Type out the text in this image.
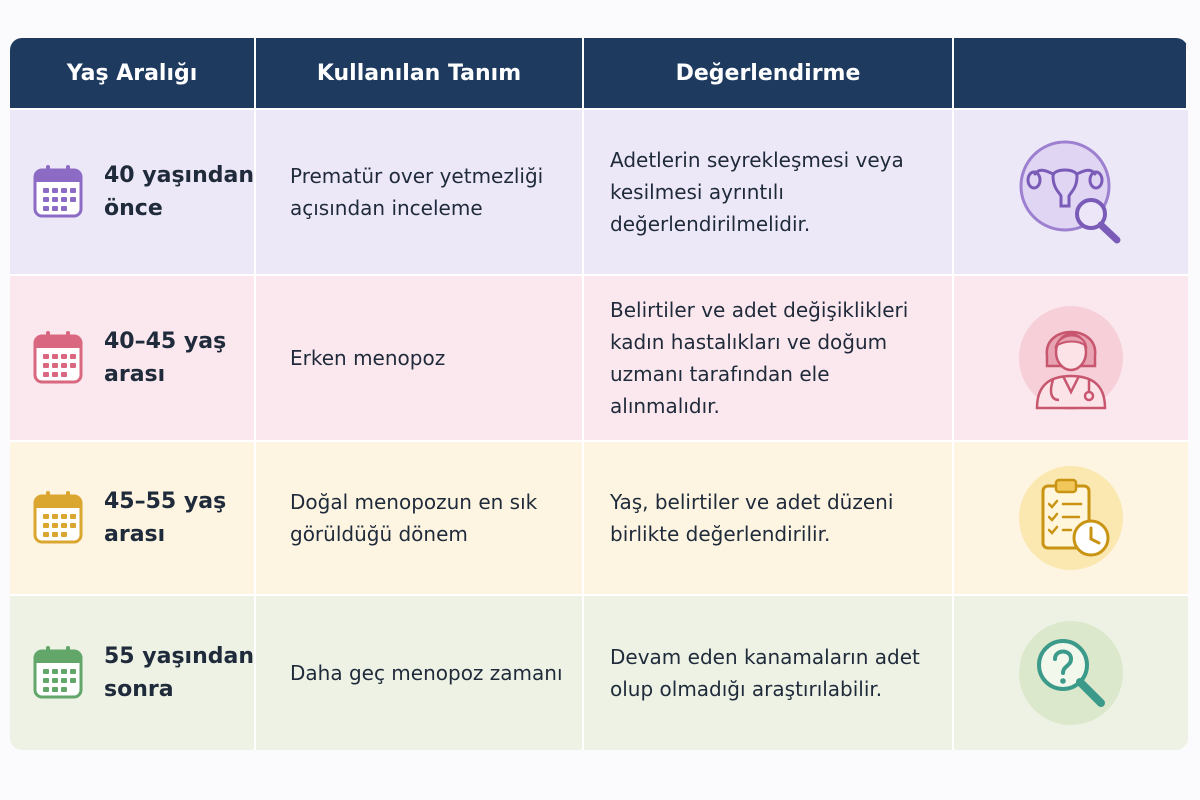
Yaş Aralığı	Kullanılan Tanım	Değerlendirme
40 yaşından önce
Prematür over yetmezliği açısından inceleme
Adetlerin seyrekleşmesi veya kesilmesi ayrıntılı değerlendirilmelidir.
40–45 yaş arası
Erken menopoz
Belirtiler ve adet değişiklikleri kadın hastalıkları ve doğum uzmanı tarafından ele alınmalıdır.
45–55 yaş arası
Doğal menopozun en sık görüldüğü dönem
Yaş, belirtiler ve adet düzeni birlikte değerlendirilir.
55 yaşından sonra
Daha geç menopoz zamanı
Devam eden kanamaların adet olup olmadığı araştırılabilir.
